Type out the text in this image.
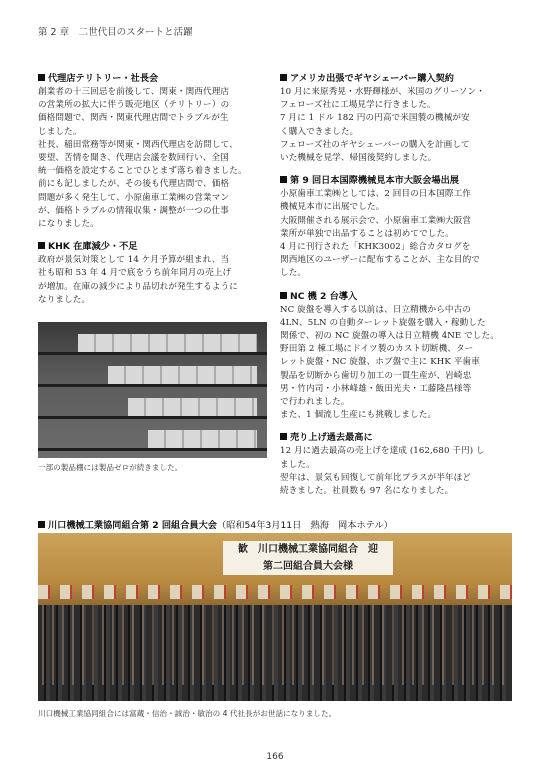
第 2 章　二世代目のスタートと活躍
代理店テリトリー・社長会

創業者の十三回忌を前後して、関東・関西代理店
の営業所の拡大に伴う販売地区（テリトリー）の
価格問題で、関西・関東代理店間でトラブルが生
じました。
社長、稲田常務等が関東・関西代理店を訪問して、
要望、苦情を聞き、代理店会議を数回行い、全国
統一価格を設定することでひとまず落ち着きました。
前にも記しましたが、その後も代理店間で、価格
問題が多く発生して、小原歯車工業㈱の営業マン
が、価格トラブルの情報収集・調整が一つの仕事
になりました。

KHK 在庫減少・不足

政府が景気対策として 14 ケ月予算が組まれ、当
社も昭和 53 年 4 月で底をうち前年同月の売上げ
が増加。在庫の減少により品切れが発生するように
なりました。

一部の製品棚には製品ゼロが続きました。
アメリカ出張でギヤシェーバー購入契約

10 月に来原秀晃・水野輝様が、米国のグリーソン・
フェローズ社に工場見学に行きました。
7 月に 1 ドル 182 円の円高で米国製の機械が安
く購入できました。
フェローズ社のギヤシェーバーの購入を計画して
いた機械を見学、帰国後契約しました。

第 9 回日本国際機械見本市大阪会場出展

小原歯車工業㈱としては、2 回目の日本国際工作
機械見本市に出展でした。
大阪開催される展示会で、小原歯車工業㈱大阪営
業所が単独で出品することは初めてでした。
4 月に刊行された「KHK3002」総合カタログを
関西地区のユーザーに配布することが、主な目的で
した。

NC 機 2 台導入

NC 旋盤を導入する以前は、日立精機から中古の
4LN、5LN の自動ターレット旋盤を購入・稼動した
関係で、初の NC 旋盤の導入は日立精機 4NE でした。
野田第 2 棟工場にドイツ製のカスト切断機、ター
レット旋盤・NC 旋盤、ホブ盤で主に KHK 平歯車
製品を切断から歯切り加工の一貫生産が、岩崎忠
男・竹内司・小林峰雄・飯田光夫・工藤隆昌様等
で行われました。
また、1 個流し生産にも挑戦しました。

売り上げ過去最高に

12 月に過去最高の売上げを達成 (162,680 千円) し
ました。
翌年は、景気も回復して前年比プラスが半年ほど
続きました。社員数も 97 名になりました。

川口機械工業協同組合第 2 回組合員大会（昭和54年3月11日　熱海　岡本ホテル）
歓　川口機械工業協同組合　迎
第二回組合員大会様
川口機械工業協同組合には富蔵・信治・誠治・敏治の 4 代社長がお世話になりました。
166
